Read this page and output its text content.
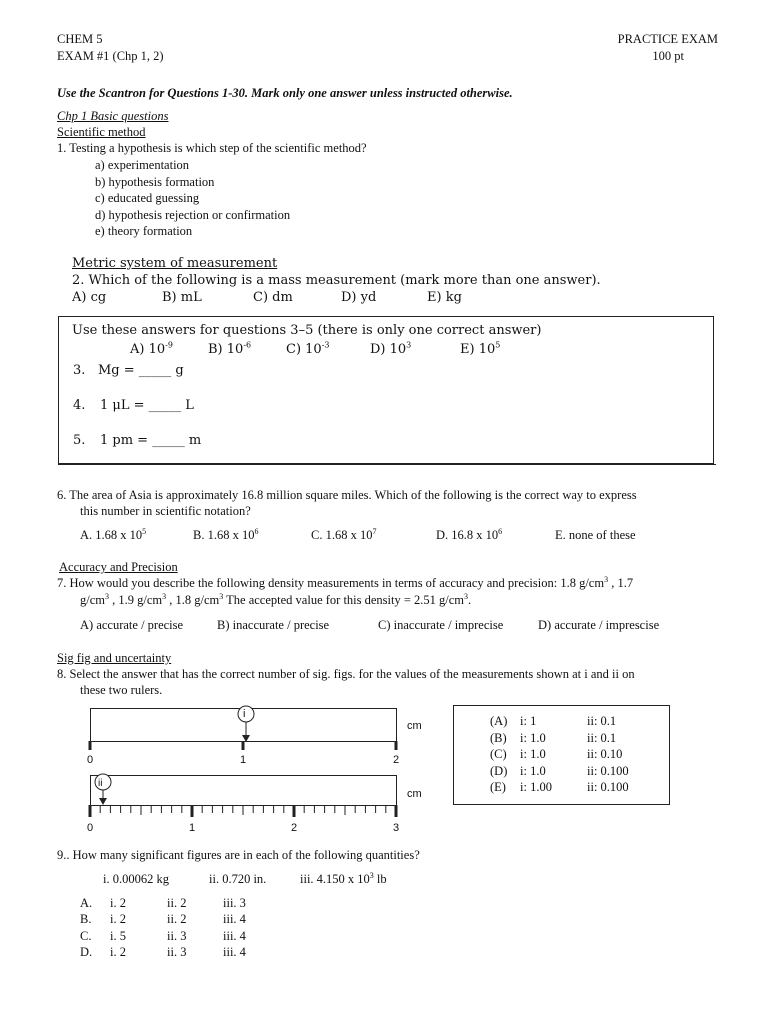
CHEM 5
EXAM #1 (Chp 1, 2)
PRACTICE EXAM
100 pt
Use the Scantron for Questions 1-30. Mark only one answer unless instructed otherwise.
Chp 1 Basic questions
Scientific method
1. Testing a hypothesis is which step of the scientific method?
a) experimentation
b) hypothesis formation
c) educated guessing
d) hypothesis rejection or confirmation
e) theory formation
Metric system of measurement
2. Which of the following is a mass measurement (mark more than one answer).
A) cg	B) mL	C) dm	D) yd	E) kg
Use these answers for questions 3–5 (there is only one correct answer)
A) $10^{-9}$	B) $10^{-6}$	C) $10^{-3}$	D) $10^3$	E) $10^5$
3. Mg = _____ g
4. 1 μL = _____ L
5. 1 pm = _____ m
6. The area of Asia is approximately 16.8 million square miles. Which of the following is the correct way to express
this number in scientific notation?
A. 1.68 x $10^5$	B. 1.68 x $10^6$	C. 1.68 x $10^7$	D. 16.8 x $10^6$	E. none of these
Accuracy and Precision
7. How would you describe the following density measurements in terms of accuracy and precision: 1.8 $g/cm^3$ , 1.7
$g/cm^3$ , 1.9 $g/cm^3$ , 1.8 $g/cm^3$ The accepted value for this density = 2.51 $g/cm^3$.
A) accurate / precise	B) inaccurate / precise	C) inaccurate / imprecise	D) accurate / imprescise
Sig fig and uncertainty
8. Select the answer that has the correct number of sig. figs. for the values of the measurements shown at i and ii on
these two rulers.
i
cm
0	1	2
ii
cm
0	1	2	3
(A) i: 1	ii: 0.1
(B) i: 1.0	ii: 0.1
(C) i: 1.0	ii: 0.10
(D) i: 1.0	ii: 0.100
(E) i: 1.00	ii: 0.100
9.. How many significant figures are in each of the following quantities?
i. 0.00062 kg	ii. 0.720 in.	iii. 4.150 x $10^3$ lb
A. i. 2	ii. 2	iii. 3
B. i. 2	ii. 2	iii. 4
C. i. 5	ii. 3	iii. 4
D. i. 2	ii. 3	iii. 4
